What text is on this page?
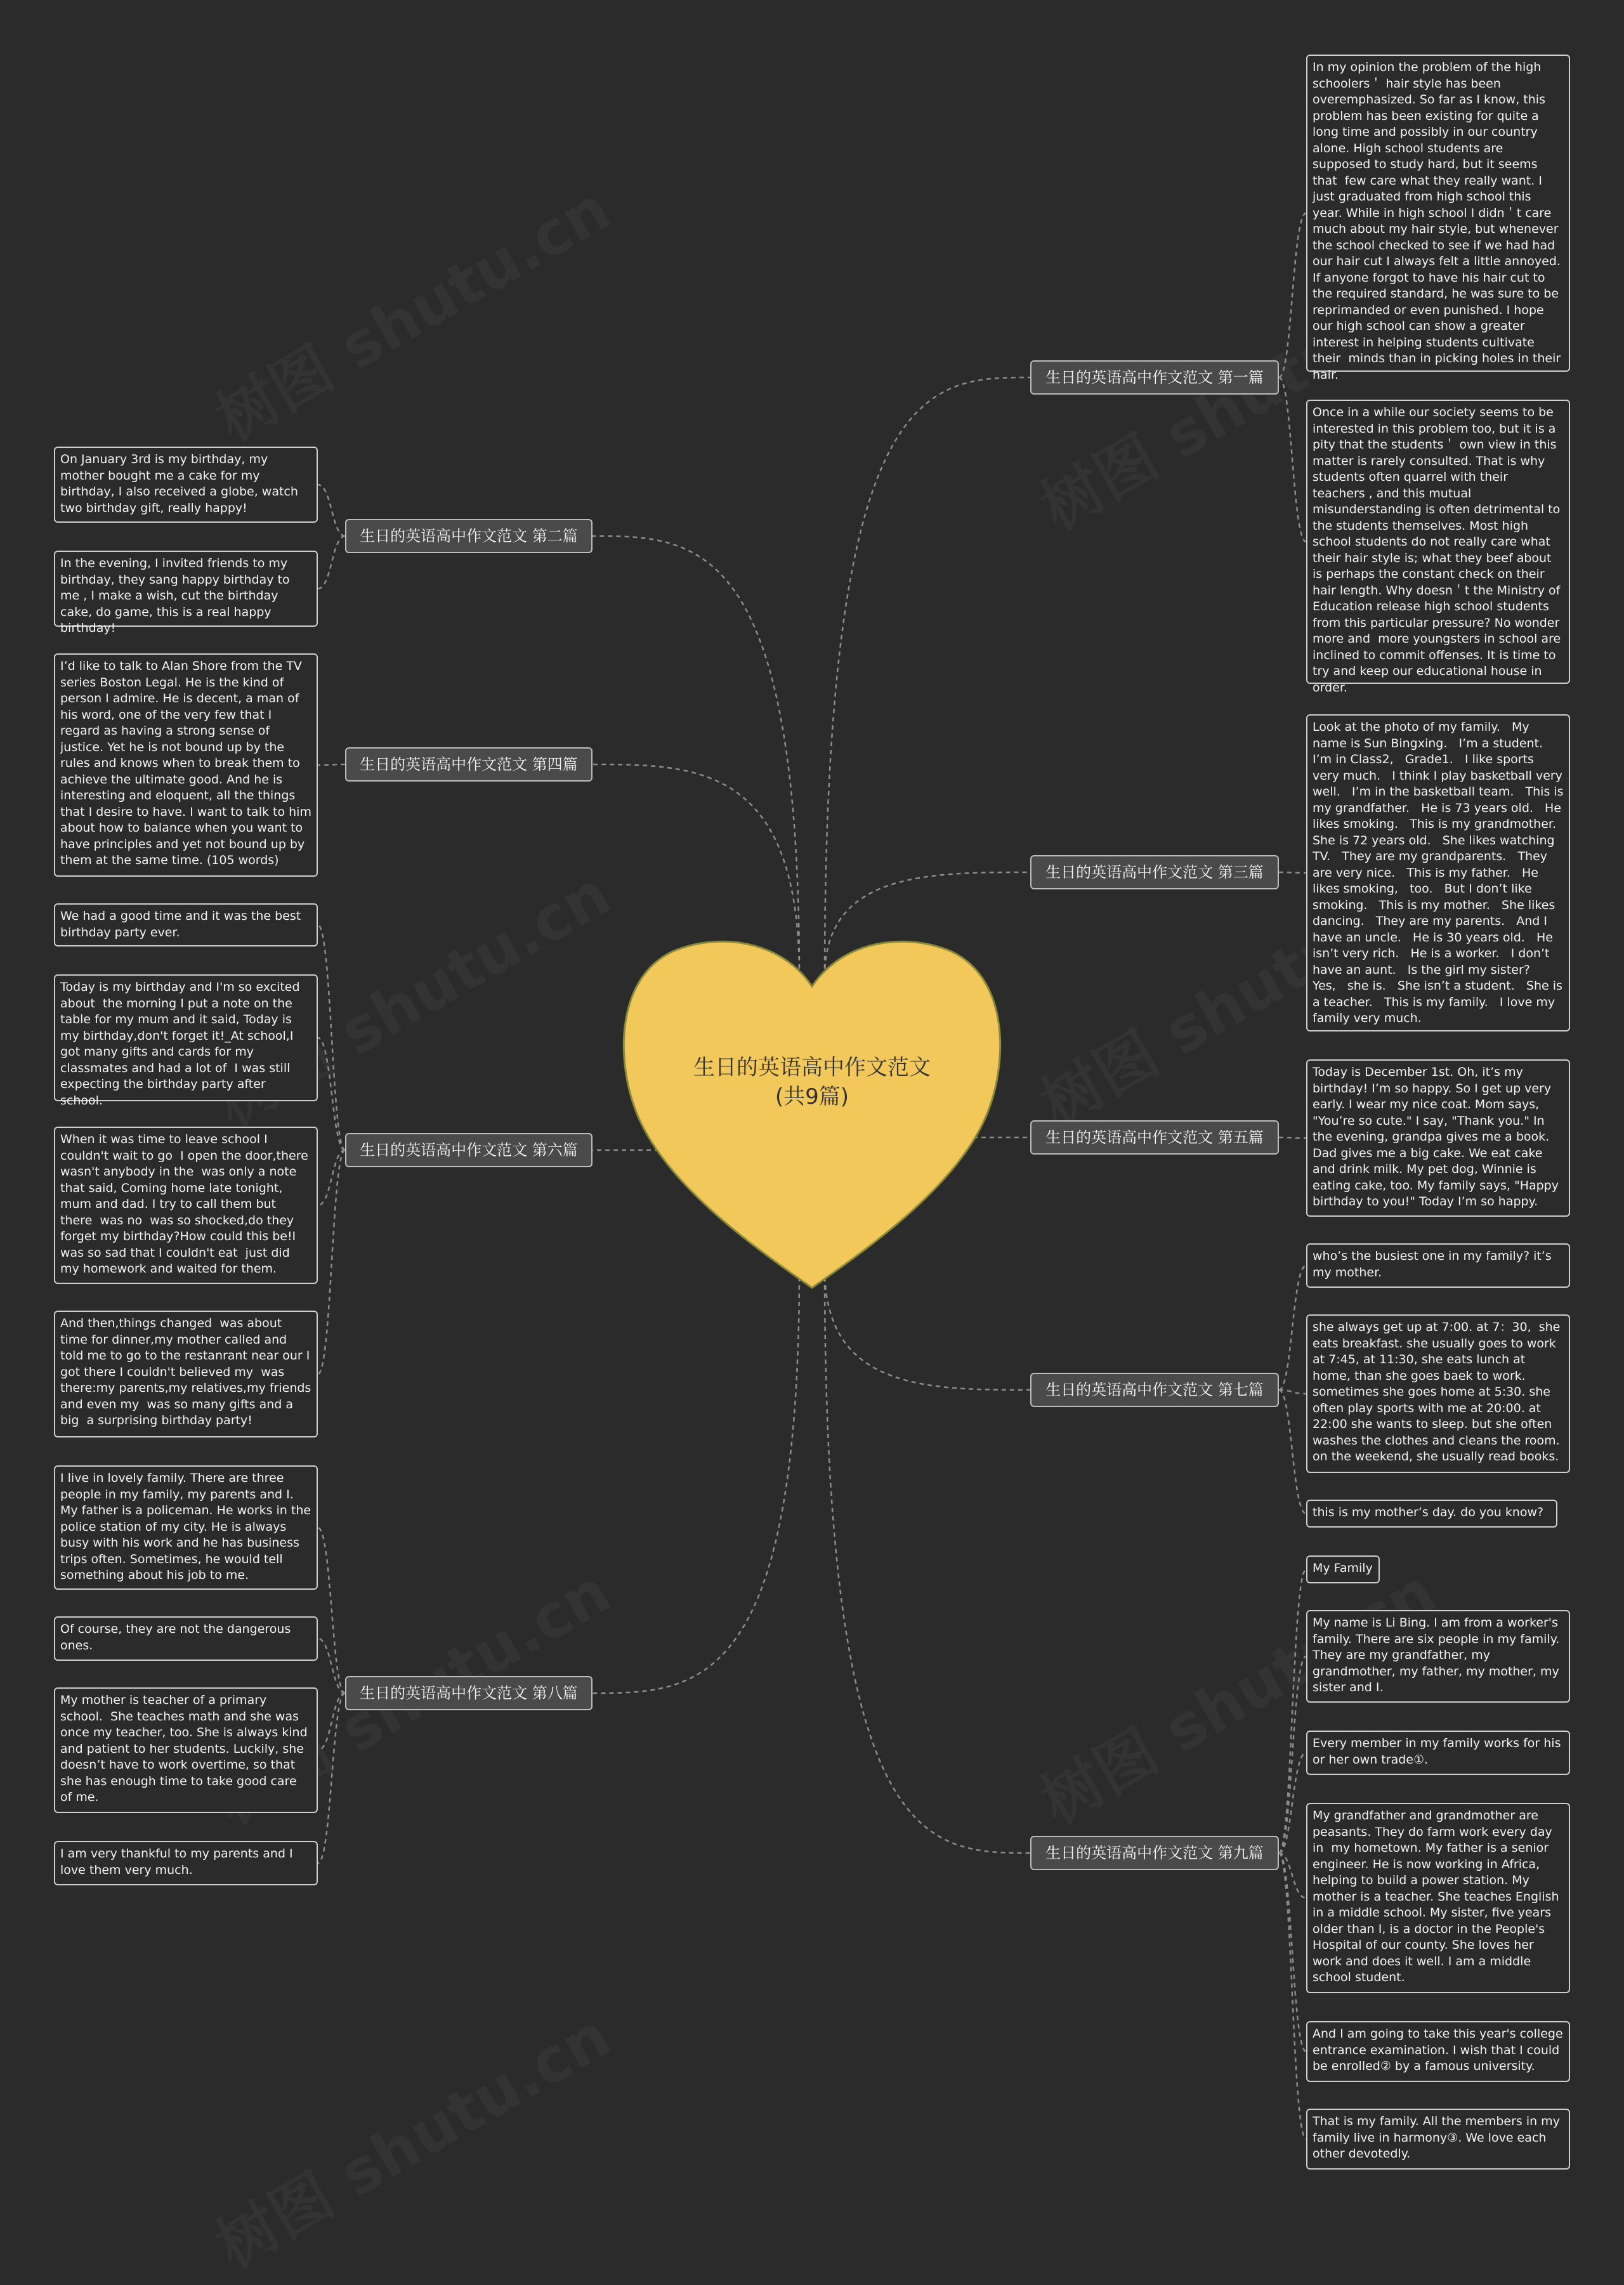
生日的英语高中作文范文(共9篇)
生日的英语高中作文范文 第一篇
In my opinion the problem of the high schoolers＇ hair style has been overemphasized. So far as I know, this problem has been existing for quite a long time and possibly in our country alone. High school students are supposed to study hard, but it seems that  few care what they really want. I just graduated from high school this year. While in high school I didn＇t care much about my hair style, but whenever the school checked to see if we had had our hair cut I always felt a little annoyed. If anyone forgot to have his hair cut to the required standard, he was sure to be reprimanded or even punished. I hope our high school can show a greater interest in helping students cultivate their  minds than in picking holes in their hair.
Once in a while our society seems to be interested in this problem too, but it is a pity that the students＇ own view in this matter is rarely consulted. That is why students often quarrel with their teachers , and this mutual misunderstanding is often detrimental to the students themselves. Most high school students do not really care what their hair style is; what they beef about is perhaps the constant check on their hair length. Why doesn＇t the Ministry of Education release high school students from this particular pressure? No wonder more and  more youngsters in school are inclined to commit offenses. It is time to try and keep our educational house in order.
生日的英语高中作文范文 第二篇
On January 3rd is my birthday, my mother bought me a cake for my birthday, I also received a globe, watch two birthday gift, really happy!
In the evening, I invited friends to my birthday, they sang happy birthday to me , I make a wish, cut the birthday cake, do game, this is a real happy birthday!
生日的英语高中作文范文 第三篇
Look at the photo of my family.   My name is Sun Bingxing.   I’m a student.   I’m in Class2,   Grade1.   I like sports very much.   I think I play basketball very well.   I’m in the basketball team.   This is my grandfather.   He is 73 years old.   He likes smoking.   This is my grandmother.   She is 72 years old.   She likes watching TV.   They are my grandparents.   They are very nice.   This is my father.   He likes smoking,   too.   But I don’t like smoking.   This is my mother.   She likes dancing.   They are my parents.   And I have an uncle.   He is 30 years old.   He isn’t very rich.   He is a worker.   I don’t have an aunt.   Is the girl my sister?   Yes,   she is.   She isn’t a student.   She is a teacher.   This is my family.   I love my family very much.
生日的英语高中作文范文 第四篇
I’d like to talk to Alan Shore from the TV series Boston Legal. He is the kind of person I admire. He is decent, a man of his word, one of the very few that I regard as having a strong sense of justice. Yet he is not bound up by the rules and knows when to break them to achieve the ultimate good. And he is interesting and eloquent, all the things that I desire to have. I want to talk to him about how to balance when you want to have principles and yet not bound up by them at the same time. (105 words)
生日的英语高中作文范文 第五篇
Today is December 1st. Oh, it’s my birthday! I’m so happy. So I get up very early. I wear my nice coat. Mom says, "You’re so cute." I say, "Thank you." In the evening, grandpa gives me a book. Dad gives me a big cake. We eat cake and drink milk. My pet dog, Winnie is eating cake, too. My family says, "Happy birthday to you!" Today I’m so happy.
生日的英语高中作文范文 第六篇
We had a good time and it was the best birthday party ever.
Today is my birthday and I'm so excited about  the morning I put a note on the table for my mum and it said, Today is my birthday,don't forget it!_At school,I got many gifts and cards for my classmates and had a lot of  I was still expecting the birthday party after school.
When it was time to leave school I couldn't wait to go  I open the door,there  wasn't anybody in the  was only a note that said, Coming home late tonight, mum and dad. I try to call them but there  was no  was so shocked,do they forget my birthday?How could this be!I was so sad that I couldn't eat  just did my homework and waited for them.
And then,things changed  was about time for dinner,my mother called and told me to go to the restanrant near our I got there I couldn't believed my  was there:my parents,my relatives,my friends and even my  was so many gifts and a big  a surprising birthday party!
生日的英语高中作文范文 第七篇
who’s the busiest one in my family? it’s my mother.
she always get up at 7:00. at 7：30,  she eats breakfast. she usually goes to work at 7:45, at 11:30, she eats lunch at home, than she goes baek to work. sometimes she goes home at 5:30. she often play sports with me at 20:00. at 22:00 she wants to sleep. but she often washes the clothes and cleans the room. on the weekend, she usually read books.
this is my mother’s day. do you know?
生日的英语高中作文范文 第八篇
I live in lovely family. There are three people in my family, my parents and I. My father is a policeman. He works in the  police station of my city. He is always busy with his work and he has business trips often. Sometimes, he would tell something about his job to me.
Of course, they are not the dangerous ones.
My mother is teacher of a primary school.  She teaches math and she was once my teacher, too. She is always kind and patient to her students. Luckily, she doesn’t have to work overtime, so that she has enough time to take good care of me.
I am very thankful to my parents and I love them very much.
生日的英语高中作文范文 第九篇
My Family
My name is Li Bing. I am from a worker's family. There are six people in my family. They are my grandfather, my grandmother, my father, my mother, my sister and I.
Every member in my family works for his or her own trade①.
My grandfather and grandmother are peasants. They do farm work every day in  my hometown. My father is a senior engineer. He is now working in Africa, helping to build a power station. My mother is a teacher. She teaches English in a middle school. My sister, five years older than I, is a doctor in the People's Hospital of our county. She loves her work and does it well. I am a middle school student.
And I am going to take this year's college  entrance examination. I wish that I could be enrolled② by a famous university.
That is my family. All the members in my family live in harmony③. We love each other devotedly.
